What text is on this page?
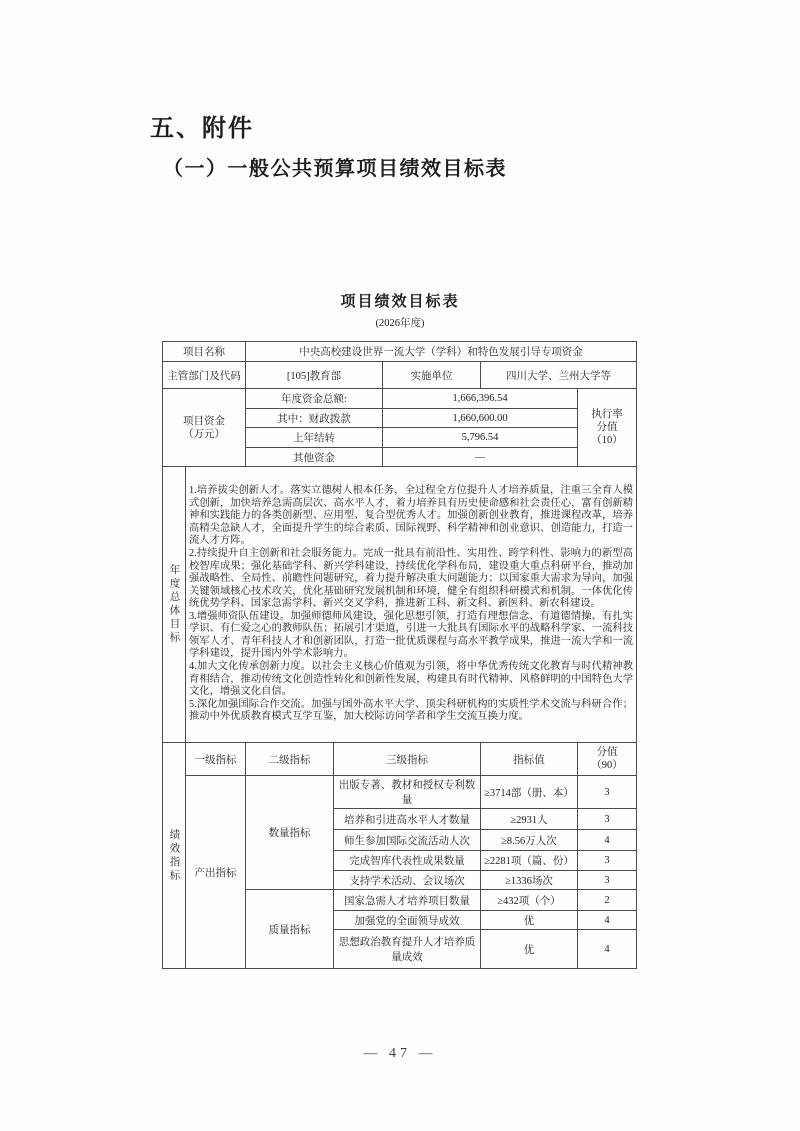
五、附件
（一）一般公共预算项目绩效目标表
项目绩效目标表
(2026年度)
项目名称		中央高校建设世界一流大学（学科）和特色发展引导专项资金				
主管部门及代码		[105]教育部		实施单位	四川大学、兰州大学等	

项目资金
（万元）		年度资金总额:		1,666,396.54		执行率
分值
（10）

		其中：财政拨款		1,660,600.00		
		上年结转		5,796.54		
		其他资金		—		

年度总体目标	1.培养拔尖创新人才。落实立德树人根本任务，全过程全方位提升人才培养质量，注重三全育人模式创新，加快培养急需高层次、高水平人才，着力培养具有历史使命感和社会责任心，富有创新精神和实践能力的各类创新型、应用型、复合型优秀人才。加强创新创业教育，推进课程改革，培养高精尖急缺人才，全面提升学生的综合素质、国际视野、科学精神和创业意识、创造能力，打造一流人才方阵。

2.持续提升自主创新和社会服务能力。完成一批具有前沿性、实用性、跨学科性、影响力的新型高校智库成果；强化基础学科、新兴学科建设，持续优化学科布局，建设重大重点科研平台，推动加强战略性、全局性、前瞻性问题研究，着力提升解决重大问题能力；以国家重大需求为导向，加强关键领域核心技术攻关，优化基础研究发展机制和环境，健全有组织科研模式和机制。一体优化传统优势学科、国家急需学科、新兴交叉学科，推进新工科、新文科、新医科、新农科建设。

3.增强师资队伍建设。加强师德师风建设，强化思想引领，打造有理想信念、有道德情操、有扎实学识、有仁爱之心的教师队伍；拓展引才渠道，引进一大批具有国际水平的战略科学家、一流科技领军人才、青年科技人才和创新团队，打造一批优质课程与高水平教学成果，推进一流大学和一流学科建设，提升国内外学术影响力。

4.加大文化传承创新力度。以社会主义核心价值观为引领，将中华优秀传统文化教育与时代精神教育相结合，推动传统文化创造性转化和创新性发展，构建具有时代精神、风格鲜明的中国特色大学文化，增强文化自信。

5.深化加强国际合作交流。加强与国外高水平大学、顶尖科研机构的实质性学术交流与科研合作；推动中外优质教育模式互学互鉴，加大校际访问学者和学生交流互换力度。					

绩效指标	一级指标	二级指标	三级指标		指标值	分值
（90）

	产出指标	数量指标	出版专著、教材和授权专利数量		≥3714部（册、本）	3
			培养和引进高水平人才数量		≥2931人	3
			师生参加国际交流活动人次		≥8.56万人次	4
			完成智库代表性成果数量		≥2281项（篇、份）	3
			支持学术活动、会议场次		≥1336场次	3
		质量指标	国家急需人才培养项目数量		≥432项（个）	2
			加强党的全面领导成效		优	4
			思想政治教育提升人才培养质量成效		优	4
— 47 —
